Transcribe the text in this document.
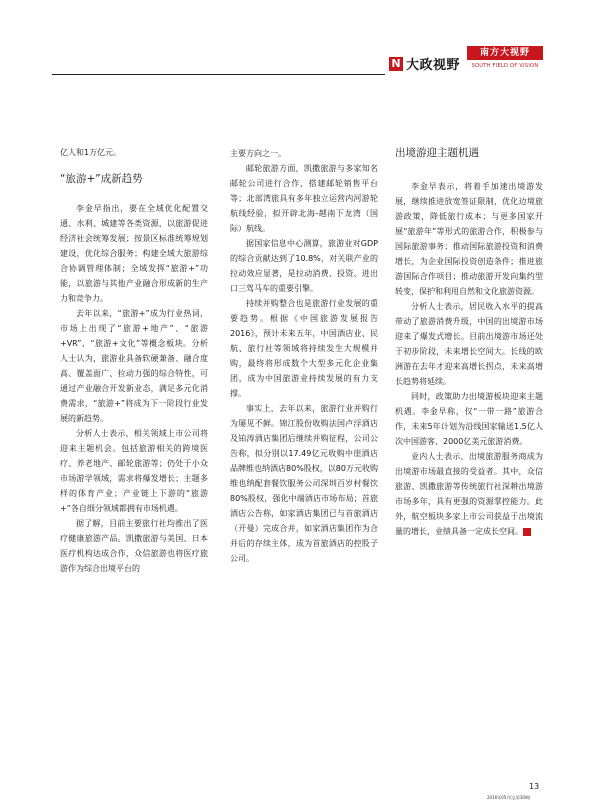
N 大政视野
南方大视野
SOUTH FIELD OF VISION

亿人和1万亿元。

“旅游+”成新趋势

李金早指出，要在全域优化配置交通、水利、城建等各类资源，以旅游促进经济社会统筹发展；按景区标准统筹规划建设，优化综合服务；构建全域大旅游综合协调管理体制；全域发挥“旅游+”功能，以旅游与其他产业融合形成新的生产力和竞争力。

去年以来，“旅游+”成为行业热词，市场上出现了“旅游+地产”、“旅游+VR”、“旅游+文化”等概念板块。分析人士认为，旅游业具备软硬兼备、融合度高、覆盖面广、拉动力强的综合特性，可通过产业融合开发新业态，满足多元化消费需求，“旅游+”将成为下一阶段行业发展的新趋势。

分析人士表示，相关领域上市公司将迎来主题机会。包括旅游相关的跨境医疗、养老地产、邮轮旅游等；仍处于小众市场游学领域，需求将爆发增长；主题多样的体育产业；产业链上下游的“旅游+”各自细分领域都拥有市场机遇。

据了解，目前主要旅行社均推出了医疗健康旅游产品。凯撒旅游与美国、日本医疗机构达成合作，众信旅游也将医疗旅游作为综合出境平台的

主要方向之一。

邮轮旅游方面，凯撒旅游与多家知名邮轮公司进行合作，搭建邮轮销售平台等；北部湾旅具有多年独立运营内河游轮航线经验，拟开辟北海-越南下龙湾（国际）航线。

据国家信息中心测算，旅游业对GDP的综合贡献达到了10.8%，对关联产业的拉动效应显著，是拉动消费、投资、进出口三驾马车的重要引擎。

持续并购整合也是旅游行业发展的重要趋势。根据《中国旅游发展报告2016》，预计未来五年，中国酒店业、民航、旅行社等领域将持续发生大规模并购，最终将形成数个大型多元化企业集团，成为中国旅游业持续发展的有力支撑。

事实上，去年以来，旅游行业并购行为屡见不鲜。锦江股份收购法国卢浮酒店及铂涛酒店集团后继续并购征程，公司公告称，拟分别以17.49亿元收购中崖酒店品牌维也纳酒店80%股权，以80万元收购维也纳配套餐饮服务公司深圳百岁村餐饮80%股权，强化中端酒店市场布局；首旅酒店公告称，如家酒店集团已与首旅酒店（开曼）完成合并，如家酒店集团作为合并后的存续主体，成为首旅酒店的控股子公司。

出境游迎主题机遇

李金早表示，将着手加速出境游发展，继续推进放宽签证限制，优化边境旅游政策，降低旅行成本；与更多国家开展“旅游年”等形式的旅游合作，积极参与国际旅游事务；推动国际旅游投资和消费增长，为企业国际投资创造条件；推进旅游国际合作项目；推动旅游开发向集约型转变，保护和利用自然和文化旅游资源。

分析人士表示，居民收入水平的提高带动了旅游消费升级，中国的出境游市场迎来了爆发式增长。目前出境游市场还处于初步阶段，未来增长空间大。长线的欧洲游在去年才迎来高增长拐点，未来高增长趋势将延续。

同时，政策助力出境游板块迎来主题机遇。李金早称，仅“一带一路”旅游合作，未来5年计划为沿线国家输送1.5亿人次中国游客、2000亿美元旅游消费。

业内人士表示，出境旅游服务商成为出境游市场最直接的受益者。其中，众信旅游、凯撒旅游等传统旅行社深耕出境游市场多年，具有更强的资源掌控能力。此外，航空板块多家上市公司获益于出境流量的增长，业绩具备一定成长空间。	N

13
2016年05月(总第30期)
